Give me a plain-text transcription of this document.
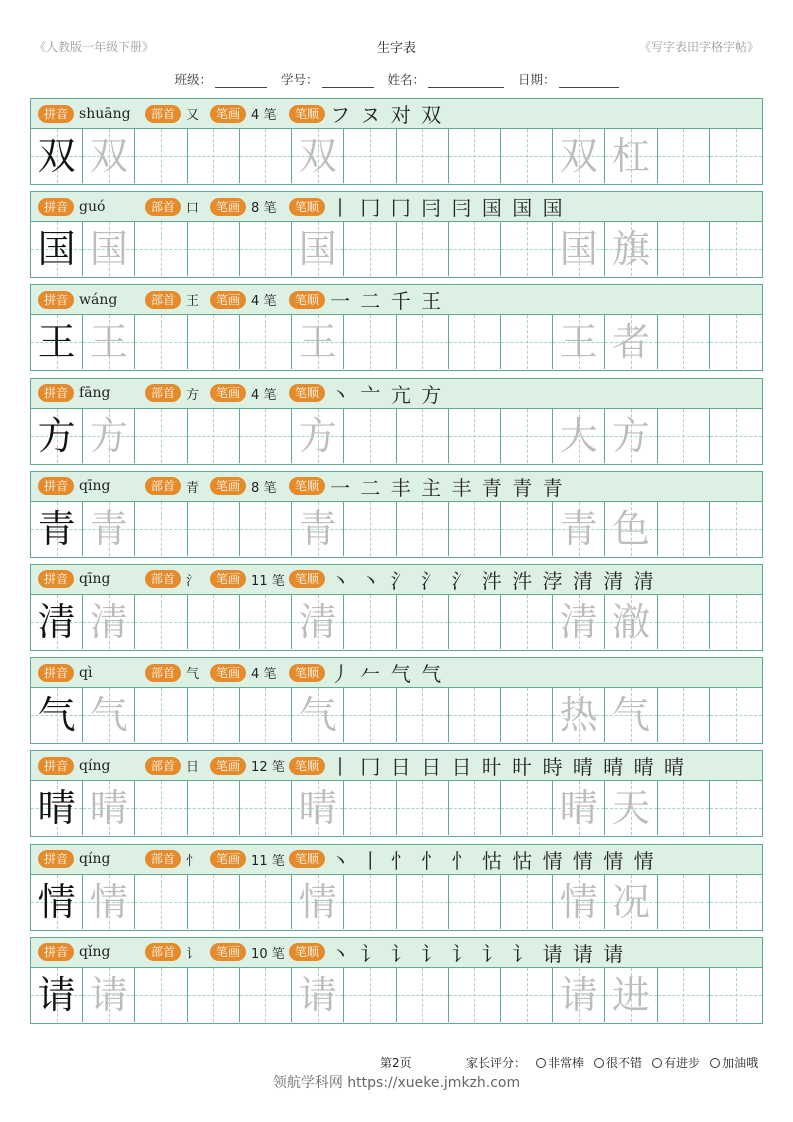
《人教版一年级下册》	生字表	《写字表田字格字帖》
班级：	学号：	姓名：	日期：
拼音 shuāng	部首 又	笔画 4 笔	笔顺 フ ヌ 对 双
双 双	双	双 杠
拼音 guó	部首 口	笔画 8 笔	笔顺 丨 冂 冂 冃 冃 国 国 国
国 国	国	国 旗
拼音 wáng	部首 王	笔画 4 笔	笔顺 一 二 千 王
王 王	王	王 者
拼音 fāng	部首 方	笔画 4 笔	笔顺 丶 亠 亢 方
方 方	方	大 方
拼音 qīng	部首 青	笔画 8 笔	笔顺 一 二 丰 主 丰 青 青 青
青 青	青	青 色
拼音 qīng	部首 氵	笔画 11 笔 笔顺 丶 丶 氵 氵 氵 汼 汼 浡 清 清 清
清 清	清	清 澈
拼音 qì	部首 气	笔画 4 笔	笔顺 丿 𠂉 气 气
气 气	气	热 气
拼音 qíng	部首 日	笔画 12 笔 笔顺 丨 冂 日 日 日 旪 旪 時 晴 晴 晴 晴
晴 晴	晴	晴 天
拼音 qíng	部首 忄	笔画 11 笔 笔顺 丶 丨 忄 忄 忄 怙 怙 情 情 情 情
情 情	情	情 况
拼音 qǐng	部首 讠	笔画 10 笔 笔顺 丶 讠 讠 讠 讠 讠 讠 请 请 请
请 请	请	请 进
第2页	家长评分： 非常棒 很不错 有进步 加油哦
领航学科网 https://xueke.jmkzh.com
